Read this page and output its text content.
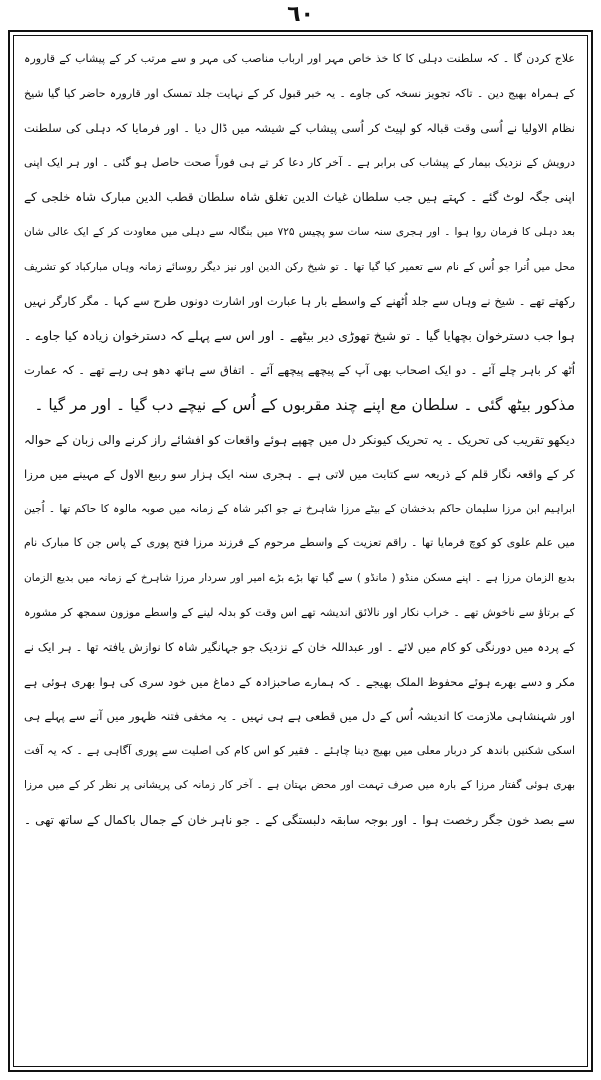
٦٠
علاج کردن گا ۔ کہ سلطنت دہلی کا کا خذ خاص مہر اور ارباب مناصب کی مہر و سے مرتب کر کے پیشاب کے قارورہ
کے ہمراہ بھیج دین ۔ تاکہ تجویز نسخہ کی جاوے ۔ یہ خبر قبول کر کے نہایت جلد تمسک اور قارورہ حاضر کیا گیا شیخ
نظام الاولیا نے اُسی وقت قبالہ کو لپیٹ کر اُسی پیشاب کے شیشہ میں ڈال دیا ۔ اور فرمایا کہ دہلی کی سلطنت
درویش کے نزدیک بیمار کے پیشاب کی برابر ہے ۔ آخر کار دعا کر تے ہی فوراً صحت حاصل ہو گئی ۔ اور ہر ایک اپنی
اپنی جگہ لوٹ گئے ۔ کہتے ہیں جب سلطان غیاث الدین تغلق شاہ سلطان قطب الدین مبارک شاہ خلجی کے
بعد دہلی کا فرمان روا ہوا ۔ اور ہجری سنہ سات سو پچیس ۷۲۵ میں بنگالہ سے دہلی میں معاودت کر کے ایک عالی شان
محل میں اُترا جو اُس کے نام سے تعمیر کیا گیا تھا ۔ تو شیخ رکن الدین اور نیز دیگر روسائے زمانہ وہاں مبارکباد کو تشریف
رکھتے تھے ۔ شیخ نے وہاں سے جلد اُٹھنے کے واسطے بار ہا عبارت اور اشارت دونوں طرح سے کہا ۔ مگر کارگر نہیں
ہوا جب دسترخوان بچھایا گیا ۔ تو شیخ تھوڑی دیر بیٹھے ۔ اور اس سے پہلے کہ دسترخوان زیادہ کیا جاوے ۔
اُٹھ کر باہر چلے آئے ۔ دو ایک اصحاب بھی آپ کے پیچھے پیچھے آئے ۔ اتفاق سے ہاتھ دھو ہی رہے تھے ۔ کہ عمارت
مذکور بیٹھ گئی ۔ سلطان مع اپنے چند مقربوں کے اُس کے نیچے دب گیا ۔ اور مر گیا ۔
دیکھو تقریب کی تحریک ۔ یہ تحریک کیونکر دل میں چھپے ہوئے واقعات کو افشائے راز کرنے والی زبان کے حوالہ
کر کے واقعہ نگار قلم کے ذریعہ سے کتابت میں لاتی ہے ۔ ہجری سنہ ایک ہزار سو ربیع الاول کے مہینے میں مرزا
ابراہیم ابن مرزا سلیمان حاکم بدخشان کے بیٹے مرزا شاہرخ نے جو اکبر شاہ کے زمانہ میں صوبہ مالوہ کا حاکم تھا ۔ اُجین
میں علم علوی کو کوچ فرمایا تھا ۔ راقم تعزیت کے واسطے مرحوم کے فرزند مرزا فتح پوری کے پاس جن کا مبارک نام
بدیع الزمان مرزا ہے ۔ اپنے مسکن منڈو ( مانڈو ) سے گیا تھا بڑے بڑے امیر اور سردار مرزا شاہرخ کے زمانہ میں بدیع الزمان
کے برتاؤ سے ناخوش تھے ۔ خراب نکار اور نالائق اندیشہ تھے اس وقت کو بدلہ لینے کے واسطے موزون سمجھ کر مشورہ
کے پردہ میں دورنگی کو کام میں لائے ۔ اور عبداللہ خان کے نزدیک جو جہانگیر شاہ کا نوازش یافتہ تھا ۔ ہر ایک نے
مکر و دسے بھرے ہوئے محفوظ الملک بھیجے ۔ کہ ہمارے صاحبزادہ کے دماغ میں خود سری کی ہوا بھری ہوئی ہے
اور شہنشاہی ملازمت کا اندیشہ اُس کے دل میں قطعی ہے ہی نہیں ۔ یہ مخفی فتنہ ظہور میں آنے سے پہلے ہی
اسکی شکنیں باندھ کر دربار معلی میں بھیج دینا چاہئے ۔ فقیر کو اس کام کی اصلیت سے پوری آگاہی ہے ۔ کہ یہ آفت
بھری ہوئی گفتار مرزا کے بارہ میں صرف تہمت اور محض بہتان ہے ۔ آخر کار زمانہ کی پریشانی پر نظر کر کے میں مرزا
سے بصد خون جگر رخصت ہوا ۔ اور بوجہ سابقہ دلبستگی کے ۔ جو ناہر خان کے جمال باکمال کے ساتھ تھی ۔
